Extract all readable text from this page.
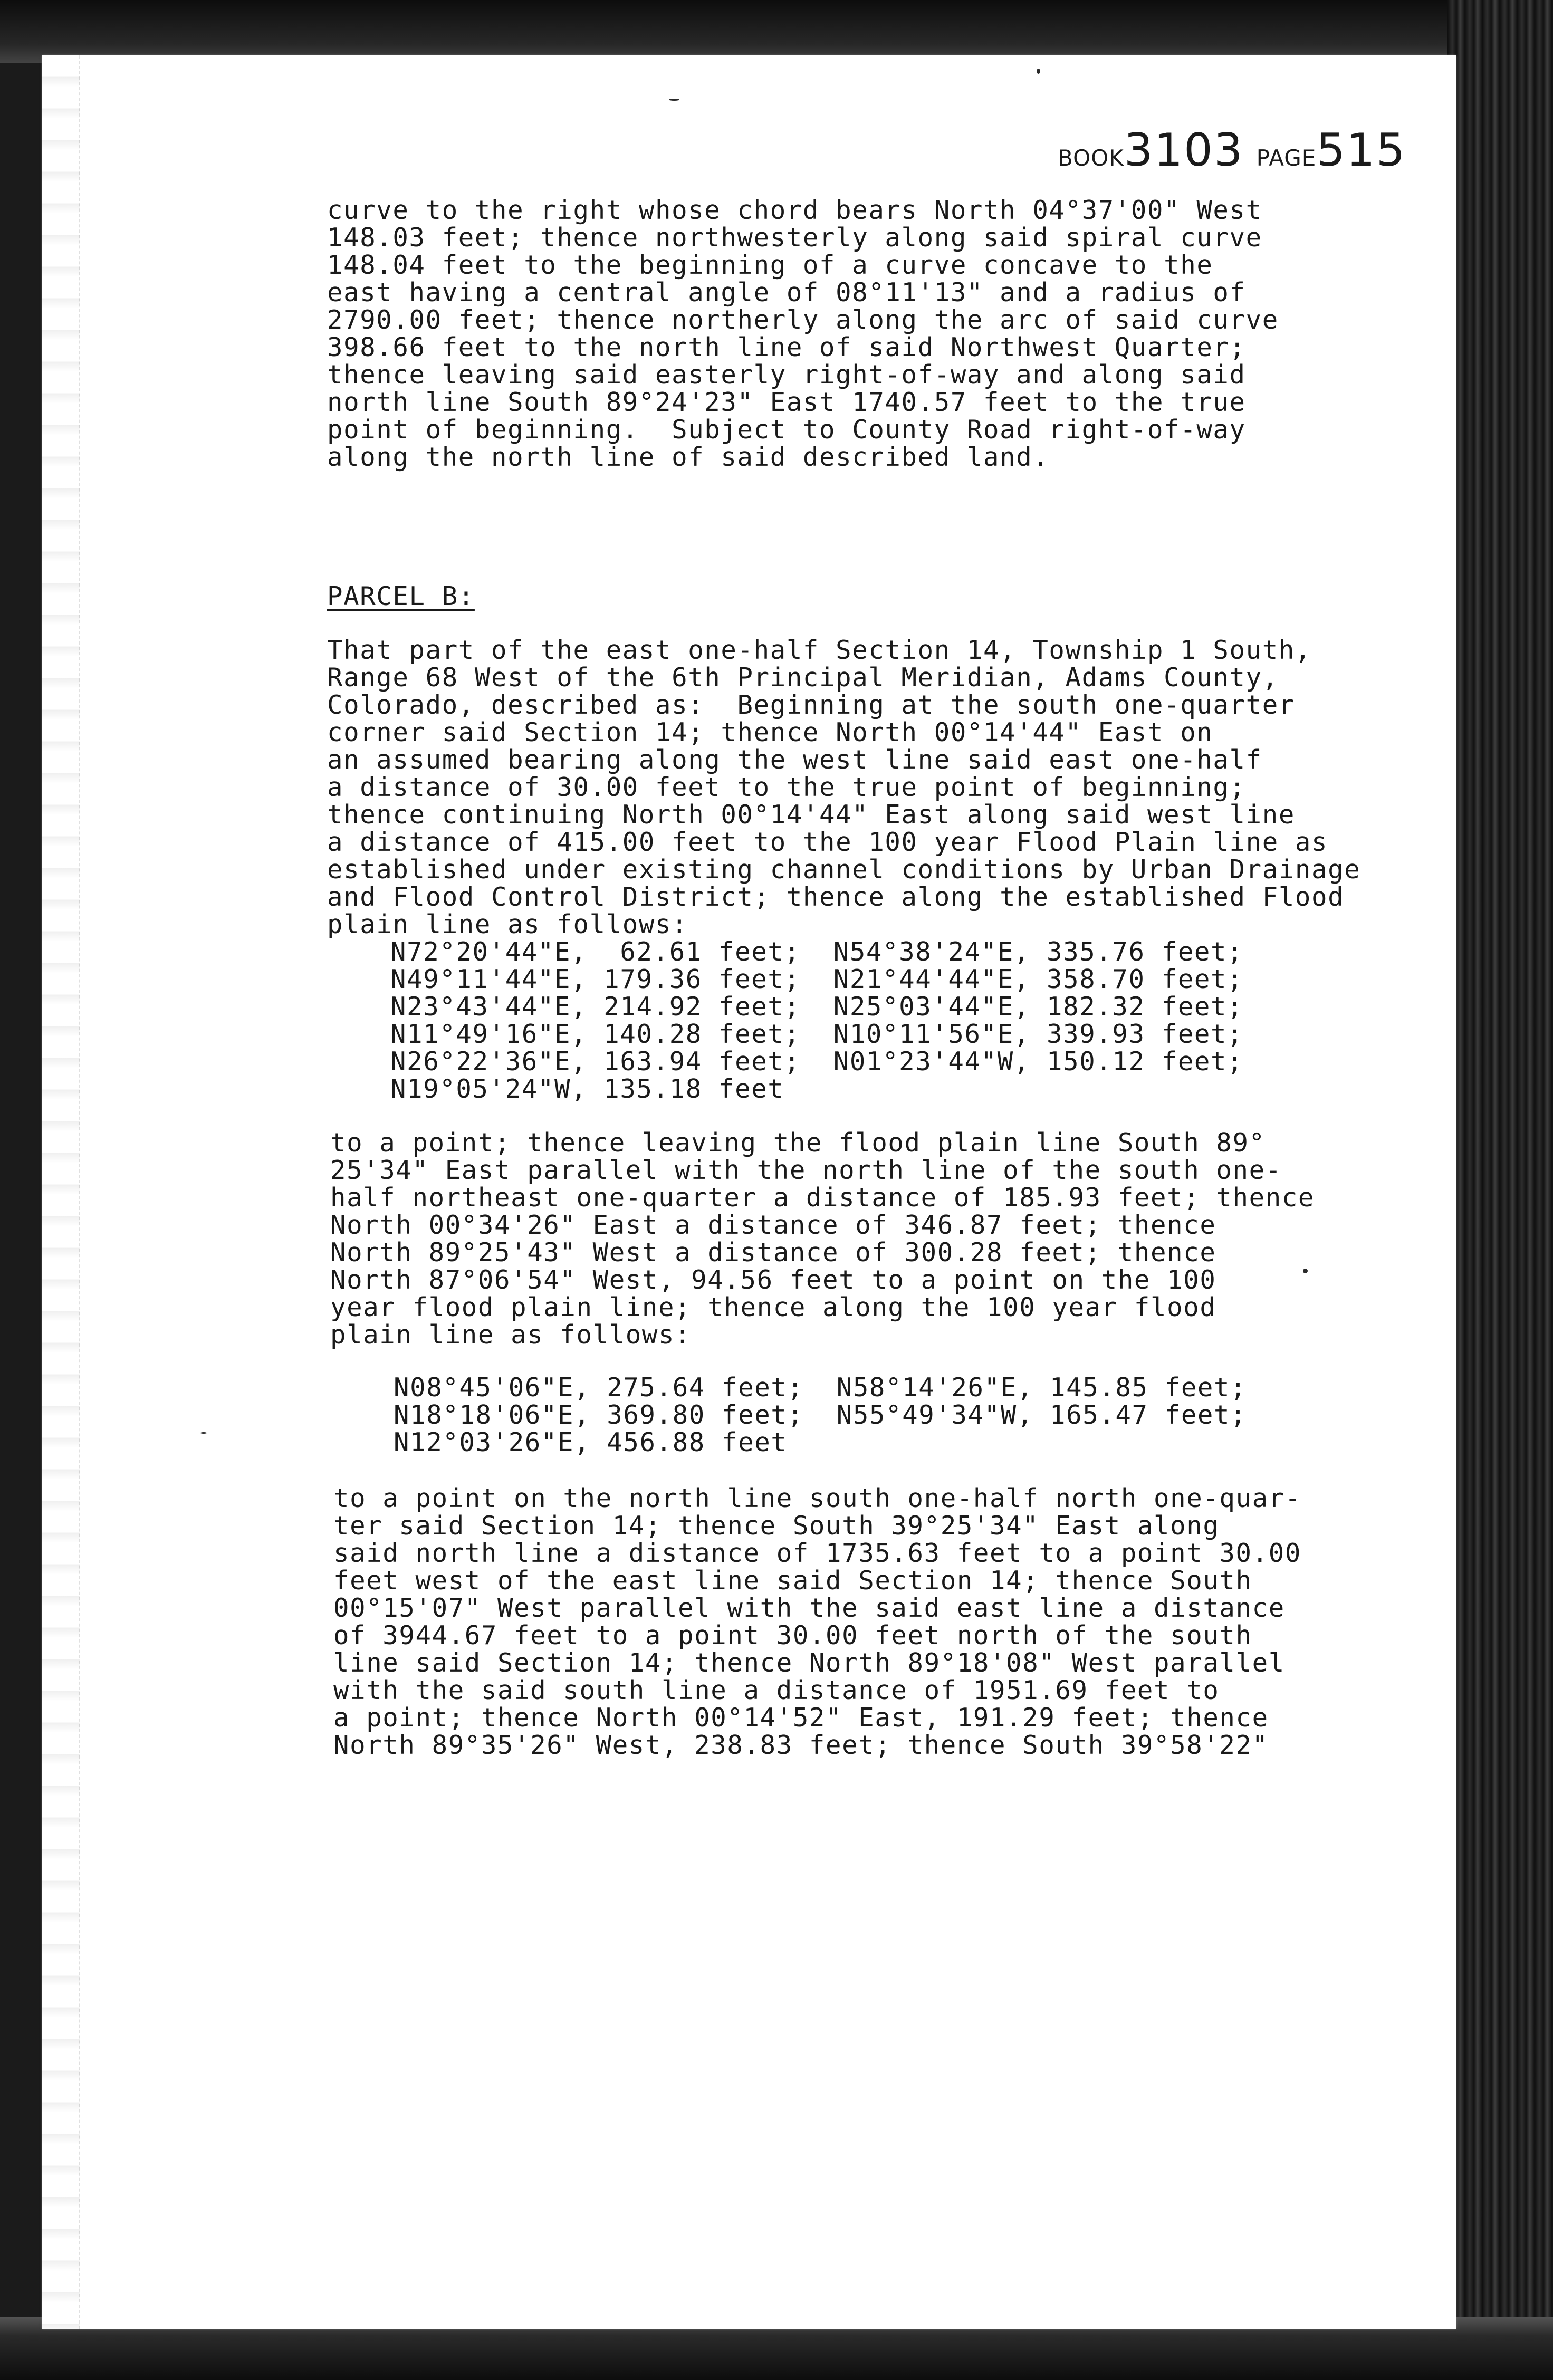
BOOK3103 PAGE515
curve to the right whose chord bears North 04°37'00" West
148.03 feet; thence northwesterly along said spiral curve
148.04 feet to the beginning of a curve concave to the
east having a central angle of 08°11'13" and a radius of
2790.00 feet; thence northerly along the arc of said curve
398.66 feet to the north line of said Northwest Quarter;
thence leaving said easterly right-of-way and along said
north line South 89°24'23" East 1740.57 feet to the true
point of beginning.  Subject to County Road right-of-way
along the north line of said described land.
PARCEL B:
That part of the east one-half Section 14, Township 1 South,
Range 68 West of the 6th Principal Meridian, Adams County,
Colorado, described as:  Beginning at the south one-quarter
corner said Section 14; thence North 00°14'44" East on
an assumed bearing along the west line said east one-half
a distance of 30.00 feet to the true point of beginning;
thence continuing North 00°14'44" East along said west line
a distance of 415.00 feet to the 100 year Flood Plain line as
established under existing channel conditions by Urban Drainage
and Flood Control District; thence along the established Flood
plain line as follows:
N72°20'44"E,  62.61 feet;  N54°38'24"E, 335.76 feet;
N49°11'44"E, 179.36 feet;  N21°44'44"E, 358.70 feet;
N23°43'44"E, 214.92 feet;  N25°03'44"E, 182.32 feet;
N11°49'16"E, 140.28 feet;  N10°11'56"E, 339.93 feet;
N26°22'36"E, 163.94 feet;  N01°23'44"W, 150.12 feet;
N19°05'24"W, 135.18 feet
to a point; thence leaving the flood plain line South 89°
25'34" East parallel with the north line of the south one-
half northeast one-quarter a distance of 185.93 feet; thence
North 00°34'26" East a distance of 346.87 feet; thence
North 89°25'43" West a distance of 300.28 feet; thence
North 87°06'54" West, 94.56 feet to a point on the 100
year flood plain line; thence along the 100 year flood
plain line as follows:
N08°45'06"E, 275.64 feet;  N58°14'26"E, 145.85 feet;
N18°18'06"E, 369.80 feet;  N55°49'34"W, 165.47 feet;
N12°03'26"E, 456.88 feet
to a point on the north line south one-half north one-quar-
ter said Section 14; thence South 39°25'34" East along
said north line a distance of 1735.63 feet to a point 30.00
feet west of the east line said Section 14; thence South
00°15'07" West parallel with the said east line a distance
of 3944.67 feet to a point 30.00 feet north of the south
line said Section 14; thence North 89°18'08" West parallel
with the said south line a distance of 1951.69 feet to
a point; thence North 00°14'52" East, 191.29 feet; thence
North 89°35'26" West, 238.83 feet; thence South 39°58'22"
